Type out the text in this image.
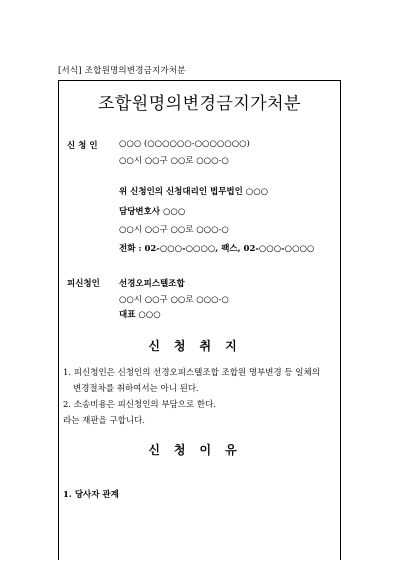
[서식] 조합원명의변경금지가처분
조합원명의변경금지가처분
신 청 인	○○○ (○○○○○○-○○○○○○○)
○○시 ○○구 ○○로 ○○○-○
위 신청인의 신청대리인 법무법인 ○○○
담당변호사 ○○○
○○시 ○○구 ○○로 ○○○-○
전화 : 02-○○○-○○○○, 팩스, 02-○○○-○○○○
피신청인 선경오피스텔조합
○○시 ○○구 ○○로 ○○○-○
대표 ○○○
신청취지
1. 피신청인은 신청인의 선경오피스텔조합 조합원 명부변경 등 일체의
변경절차를 취하여서는 아니 된다.
2. 소송비용은 피신청인의 부담으로 한다.
라는 재판을 구합니다.
신청이유
1. 당사자 관계
